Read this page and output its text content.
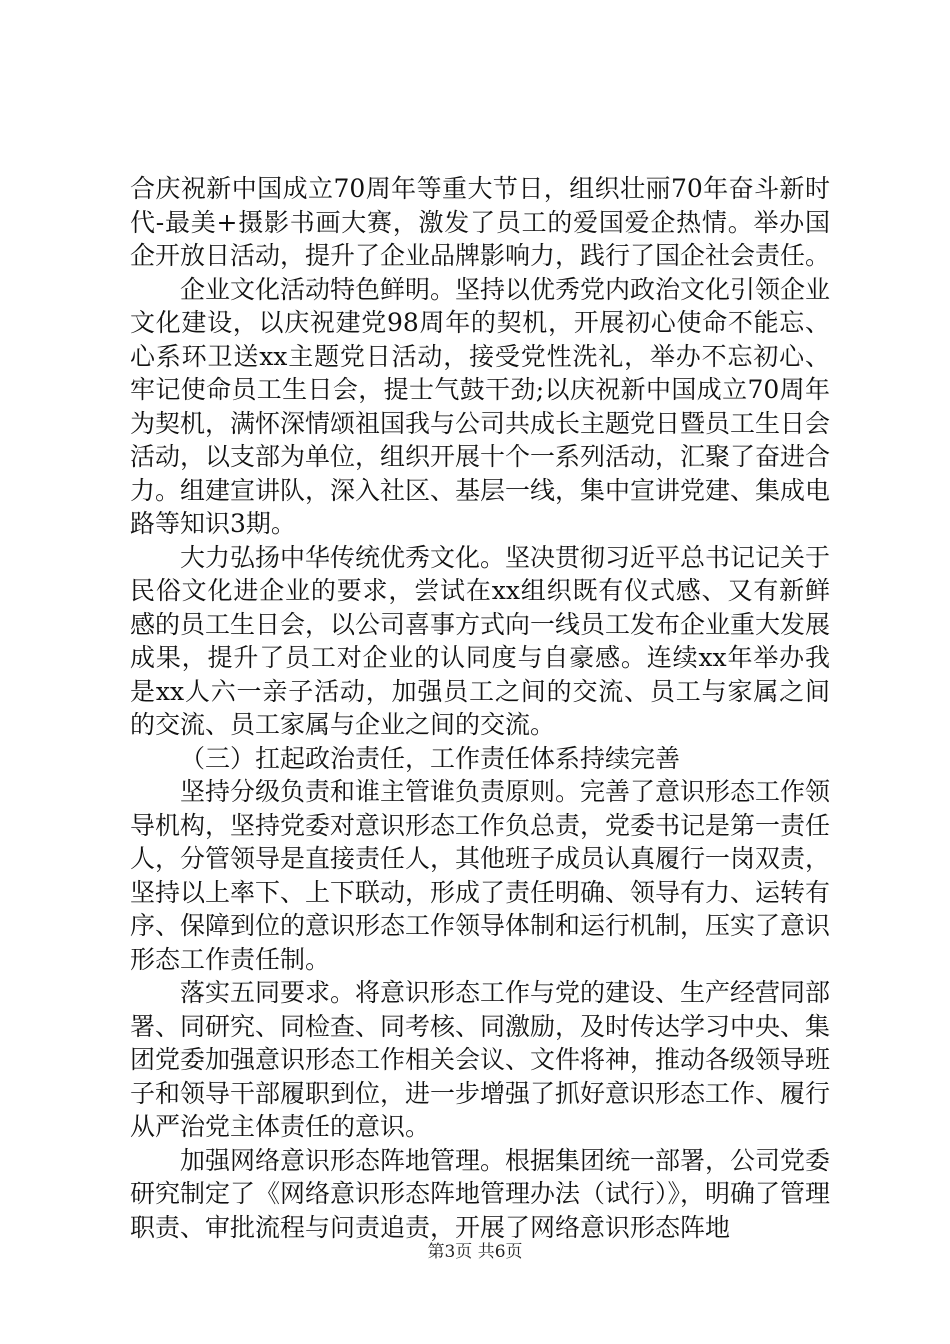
合庆祝新中国成立70周年等重大节日，组织壮丽70年奋斗新时代-最美+摄影书画大赛，激发了员工的爱国爱企热情。举办国企开放日活动，提升了企业品牌影响力，践行了国企社会责任。

企业文化活动特色鲜明。坚持以优秀党内政治文化引领企业文化建设，以庆祝建党98周年的契机，开展初心使命不能忘、心系环卫送xx主题党日活动，接受党性洗礼，举办不忘初心、牢记使命员工生日会，提士气鼓干劲;以庆祝新中国成立70周年为契机，满怀深情颂祖国我与公司共成长主题党日暨员工生日会活动，以支部为单位，组织开展十个一系列活动，汇聚了奋进合力。组建宣讲队，深入社区、基层一线，集中宣讲党建、集成电路等知识3期。

大力弘扬中华传统优秀文化。坚决贯彻习近平总书记记关于民俗文化进企业的要求，尝试在xx组织既有仪式感、又有新鲜感的员工生日会，以公司喜事方式向一线员工发布企业重大发展成果，提升了员工对企业的认同度与自豪感。连续xx年举办我是xx人六一亲子活动，加强员工之间的交流、员工与家属之间的交流、员工家属与企业之间的交流。

（三）扛起政治责任，工作责任体系持续完善

坚持分级负责和谁主管谁负责原则。完善了意识形态工作领导机构，坚持党委对意识形态工作负总责，党委书记是第一责任人，分管领导是直接责任人，其他班子成员认真履行一岗双责，坚持以上率下、上下联动，形成了责任明确、领导有力、运转有序、保障到位的意识形态工作领导体制和运行机制，压实了意识形态工作责任制。

落实五同要求。将意识形态工作与党的建设、生产经营同部署、同研究、同检查、同考核、同激励，及时传达学习中央、集团党委加强意识形态工作相关会议、文件将神，推动各级领导班子和领导干部履职到位，进一步增强了抓好意识形态工作、履行从严治党主体责任的意识。

加强网络意识形态阵地管理。根据集团统一部署，公司党委研究制定了《网络意识形态阵地管理办法（试行）》，明确了管理职责、审批流程与问责追责，开展了网络意识形态阵地

第3页 共6页
